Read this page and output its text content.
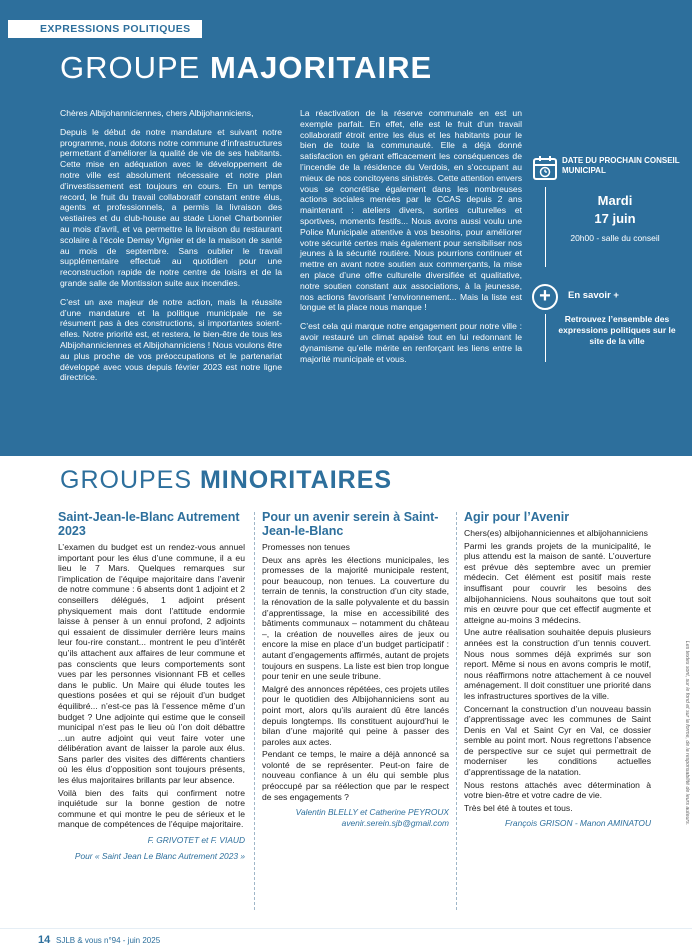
EXPRESSIONS POLITIQUES
GROUPE MAJORITAIRE

Chères Albijohanniciennes, chers Albijohanniciens,

Depuis le début de notre mandature et suivant notre programme, nous dotons notre commune d’infrastructures permettant d’améliorer la qualité de vie de ses habitants. Cette mise en adéquation avec le développement de notre ville est absolument nécessaire et notre plan d’investissement est toujours en cours. En un temps record, le fruit du travail collaboratif constant entre élus, agents et professionnels, a permis la livraison des vestiaires et du club-house au stade Lionel Charbonnier au mois d’avril, et va permettre la livraison du restaurant scolaire à l’école Demay Vignier et de la maison de santé au mois de septembre. Sans oublier le travail supplémentaire effectué au quotidien pour une reconstruction rapide de notre centre de loisirs et de la grande salle de Montission suite aux incendies.

C’est un axe majeur de notre action, mais la réussite d’une mandature et la politique municipale ne se résument pas à des constructions, si importantes soient-elles. Notre priorité est, et restera, le bien-être de tous les Albijohanniciennes et Albijohanniciens ! Nous voulons être au plus proche de vos préoccupations et le partenariat développé avec vous depuis février 2023 est notre ligne directrice.

La réactivation de la réserve communale en est un exemple parfait. En effet, elle est le fruit d’un travail collaboratif étroit entre les élus et les habitants pour le bien de toute la communauté. Elle a déjà donné satisfaction en gérant efficacement les conséquences de l’incendie de la résidence du Verdois, en s’occupant au mieux de nos concitoyens sinistrés. Cette attention envers vous se concrétise également dans les nombreuses actions sociales menées par le CCAS depuis 2 ans maintenant : ateliers divers, sorties culturelles et sportives, moments festifs... Nous avons aussi voulu une Police Municipale attentive à vos besoins, pour améliorer votre sécurité certes mais également pour sensibiliser nos jeunes à la sécurité routière. Nous pourrions continuer et mettre en avant notre soutien aux commerçants, la mise en place d’une offre culturelle diversifiée et qualitative, notre soutien constant aux associations, à la jeunesse, nos actions favorisant l’environnement... Mais la liste est longue et la place nous manque !

C’est cela qui marque notre engagement pour notre ville : avoir restauré un climat apaisé tout en lui redonnant le dynamisme qu’elle mérite en renforçant les liens entre la majorité municipale et vous.

DATE DU PROCHAIN CONSEIL MUNICIPAL
Mardi
17 juin
20h00 - salle du conseil
+	En savoir +
Retrouvez l’ensemble des expressions politiques sur le site de la ville
GROUPES MINORITAIRES
Saint-Jean-le-Blanc Autrement 2023

L’examen du budget est un rendez-vous annuel important pour les élus d’une commune, il a eu lieu le 7 Mars. Quelques remarques sur l’implication de l’équipe majoritaire dans l’avenir de notre commune : 6 absents dont 1 adjoint et 2 conseillers délégués, 1 adjoint présent physiquement mais dont l’attitude endormie laisse à penser à un ennui profond, 2 adjoints qui essaient de dissimuler derrière leurs mains leur fou-rire constant... montrent le peu d’intérêt qu’ils attachent aux affaires de leur commune et pas conscients que leurs comportements sont vues par les personnes visionnant FB et celles dans le public. Un Maire qui élude toutes les questions posées et qui se réjouit d’un budget équilibré... n’est-ce pas là l’essence même d’un budget ? Une adjointe qui estime que le conseil municipal n’est pas le lieu où l’on doit débattre ...un autre adjoint qui veut faire voter une délibération avant de laisser la parole aux élus. Sans parler des visites des différents chantiers où les élus d’opposition sont toujours présents, les élus majoritaires brillants par leur absence.

Voilà bien des faits qui confirment notre inquiétude sur la bonne gestion de notre commune et qui montre le peu de sérieux et le manque de compétences de l’équipe majoritaire.

F. GRIVOTET et F. VIAUD
Pour « Saint Jean Le Blanc Autrement 2023 »
Pour un avenir serein à Saint-Jean-le-Blanc
Promesses non tenues

Deux ans après les élections municipales, les promesses de la majorité municipale restent, pour beaucoup, non tenues. La couverture du terrain de tennis, la construction d’un city stade, la rénovation de la salle polyvalente et du bassin d’apprentissage, la mise en accessibilité des bâtiments communaux – notamment du château –, la création de nouvelles aires de jeux ou encore la mise en place d’un budget participatif : autant d’engagements affirmés, autant de projets toujours en suspens. La liste est bien trop longue pour tenir en une seule tribune.

Malgré des annonces répétées, ces projets utiles pour le quotidien des Albijohanniciens sont au point mort, alors qu’ils auraient dû être lancés depuis longtemps. Ils constituent aujourd’hui le bilan d’une majorité qui peine à passer des paroles aux actes.

Pendant ce temps, le maire a déjà annoncé sa volonté de se représenter. Peut-on faire de nouveau confiance à un élu qui semble plus préoccupé par sa réélection que par le respect de ses engagements ?

Valentin BLELLY et Catherine PEYROUX
avenir.serein.sjb@gmail.com
Agir pour l’Avenir
Chers(es) albijohanniciennes et albijohanniciens

Parmi les grands projets de la municipalité, le plus attendu est la maison de santé. L’ouverture est prévue dès septembre avec un premier médecin. Cet élément est positif mais reste insuffisant pour couvrir les besoins des albijohanniciens. Nous souhaitons que tout soit mis en œuvre pour que cet effectif augmente et atteigne au-moins 3 médecins.

Une autre réalisation souhaitée depuis plusieurs années est la construction d’un tennis couvert. Nous nous sommes déjà exprimés sur son report. Même si nous en avons compris le motif, nous réaffirmons notre attachement à ce nouvel aménagement. Il doit constituer une priorité dans les infrastructures sportives de la ville.

Concernant la construction d’un nouveau bassin d’apprentissage avec les communes de Saint Denis en Val et Saint Cyr en Val, ce dossier semble au point mort. Nous regrettons l’absence de perspective sur ce sujet qui permettrait de moderniser les conditions actuelles d’apprentissage de la natation.

Nous restons attachés avec détermination à votre bien-être et votre cadre de vie.

Très bel été à toutes et tous.

François GRISON - Manon AMINATOU	Les textes sont, sur le fond et sur la forme, de la responsabilité de leurs auteurs.
14 SJLB & vous n°94 - juin 2025
